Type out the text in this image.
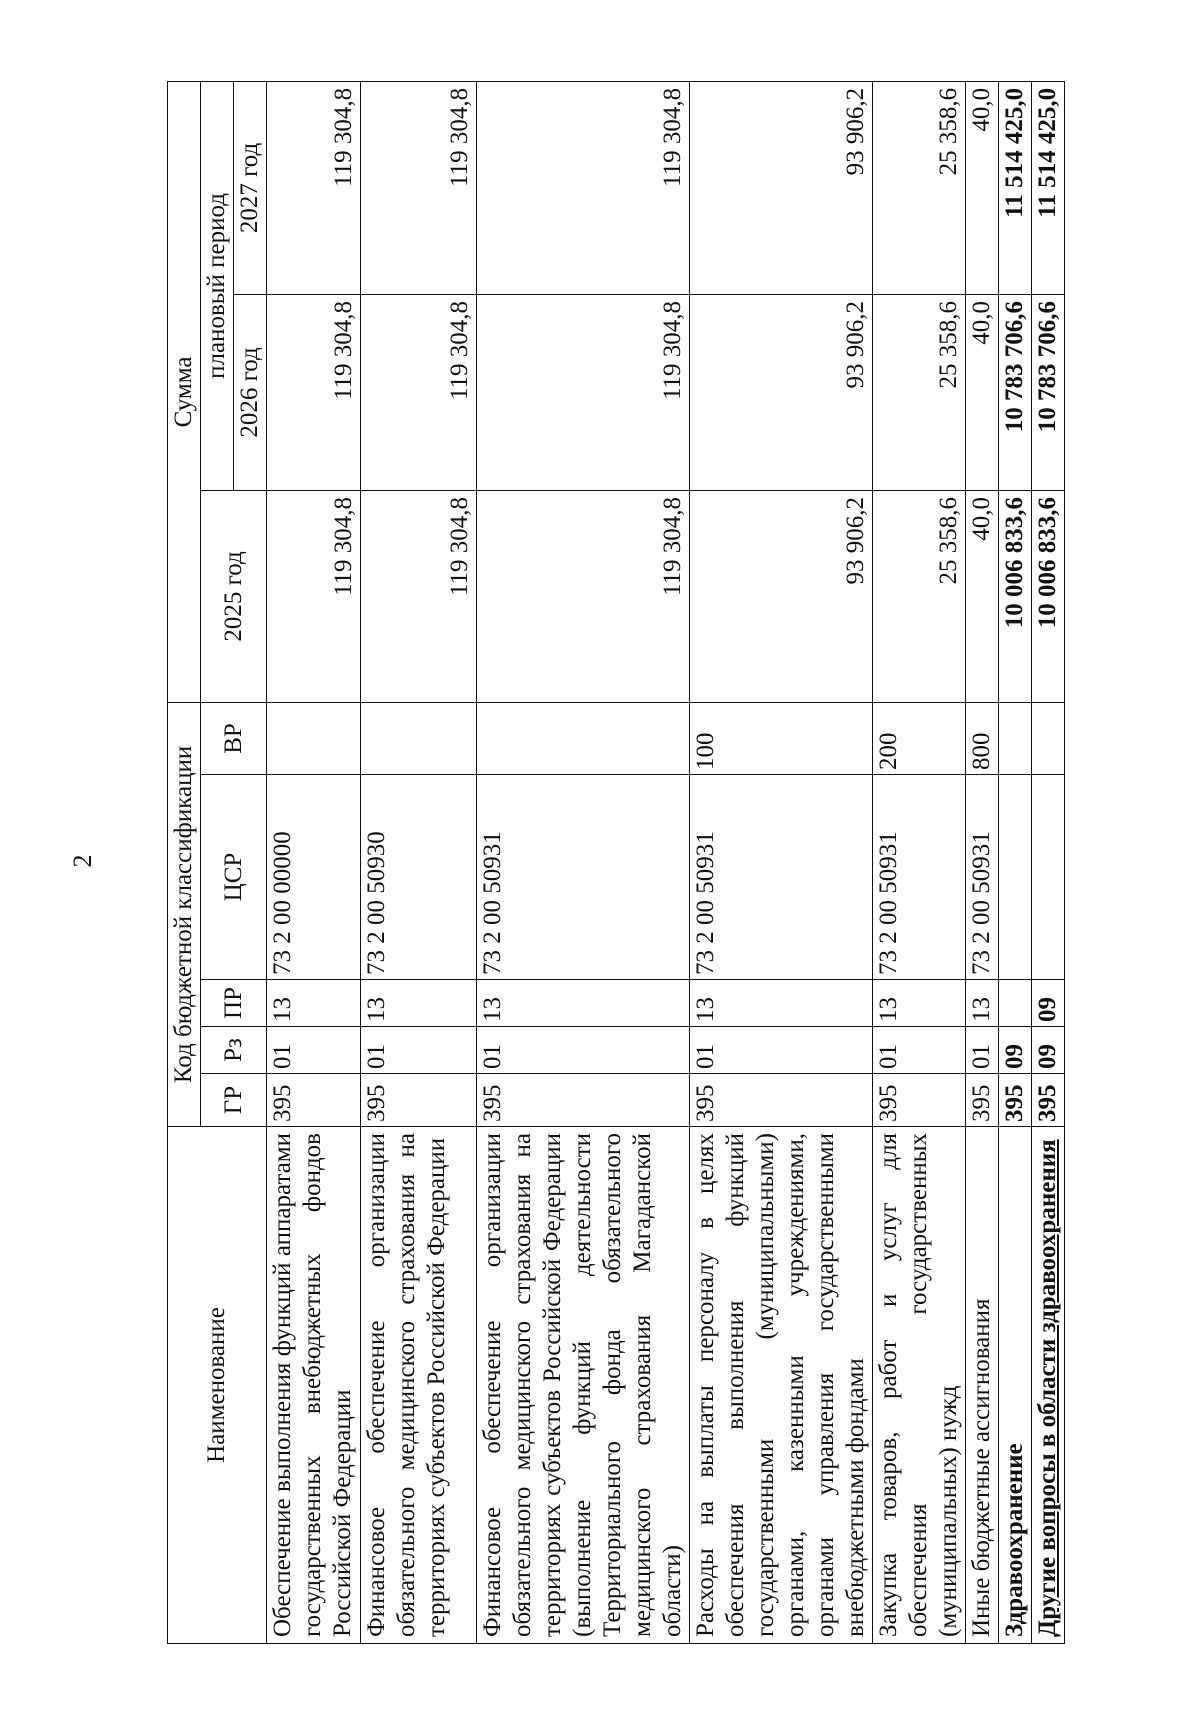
2
Наименование	Код бюджетной классификации					Сумма		
	ГР	Рз	ПР	ЦСР	ВР	2025 год	плановый период	
							2026 год	2027 год
Обеспечение выполнения функций аппаратами государственных внебюджетных фондов Российской Федерации	395	01	13	73 2 00 00000		119 304,8	119 304,8	119 304,8
Финансовое обеспечение организации обязательного медицинского страхования на территориях субъектов Российской Федерации	395	01	13	73 2 00 50930		119 304,8	119 304,8	119 304,8
Финансовое обеспечение организации обязательного медицинского страхования на территориях субъектов Российской Федерации (выполнение функций деятельности Территориального фонда обязательного медицинского страхования Магаданской области)	395	01	13	73 2 00 50931		119 304,8	119 304,8	119 304,8
Расходы на выплаты персоналу в целях обеспечения выполнения функций государственными (муниципальными) органами, казенными учреждениями, органами управления государственными внебюджетными фондами	395	01	13	73 2 00 50931	100	93 906,2	93 906,2	93 906,2
Закупка товаров, работ и услуг для обеспечения государственных (муниципальных) нужд	395	01	13	73 2 00 50931	200	25 358,6	25 358,6	25 358,6
Иные бюджетные ассигнования	395	01	13	73 2 00 50931	800	40,0	40,0	40,0
Здравоохранение	395	09				10 006 833,6	10 783 706,6	11 514 425,0
Другие вопросы в области здравоохранения	395	09	09			10 006 833,6	10 783 706,6	11 514 425,0
